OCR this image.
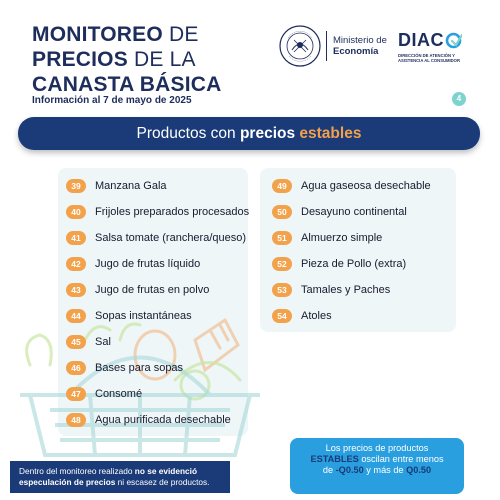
MONITOREO DE
PRECIOS DE LA
CANASTA BÁSICA
Información al 7 de mayo de 2025
Ministerio de
Economía
DIAC
DIRECCIÓN DE ATENCIÓN Y ASISTENCIA AL CONSUMIDOR
4
Productos con precios estables
39	Manzana Gala
40	Frijoles preparados procesados
41	Salsa tomate (ranchera/queso)
42	Jugo de frutas líquido
43	Jugo de frutas en polvo
44	Sopas instantáneas
45	Sal
46	Bases para sopas
47	Consomé
48	Agua purificada desechable
49	Agua gaseosa desechable
50	Desayuno continental
51	Almuerzo simple
52	Pieza de Pollo (extra)
53	Tamales y Paches
54	Atoles
Dentro del monitoreo realizado no se evidenció
especulación de precios ni escasez de productos.
Los precios de productos
ESTABLES oscilan entre menos
de -Q0.50 y más de Q0.50
